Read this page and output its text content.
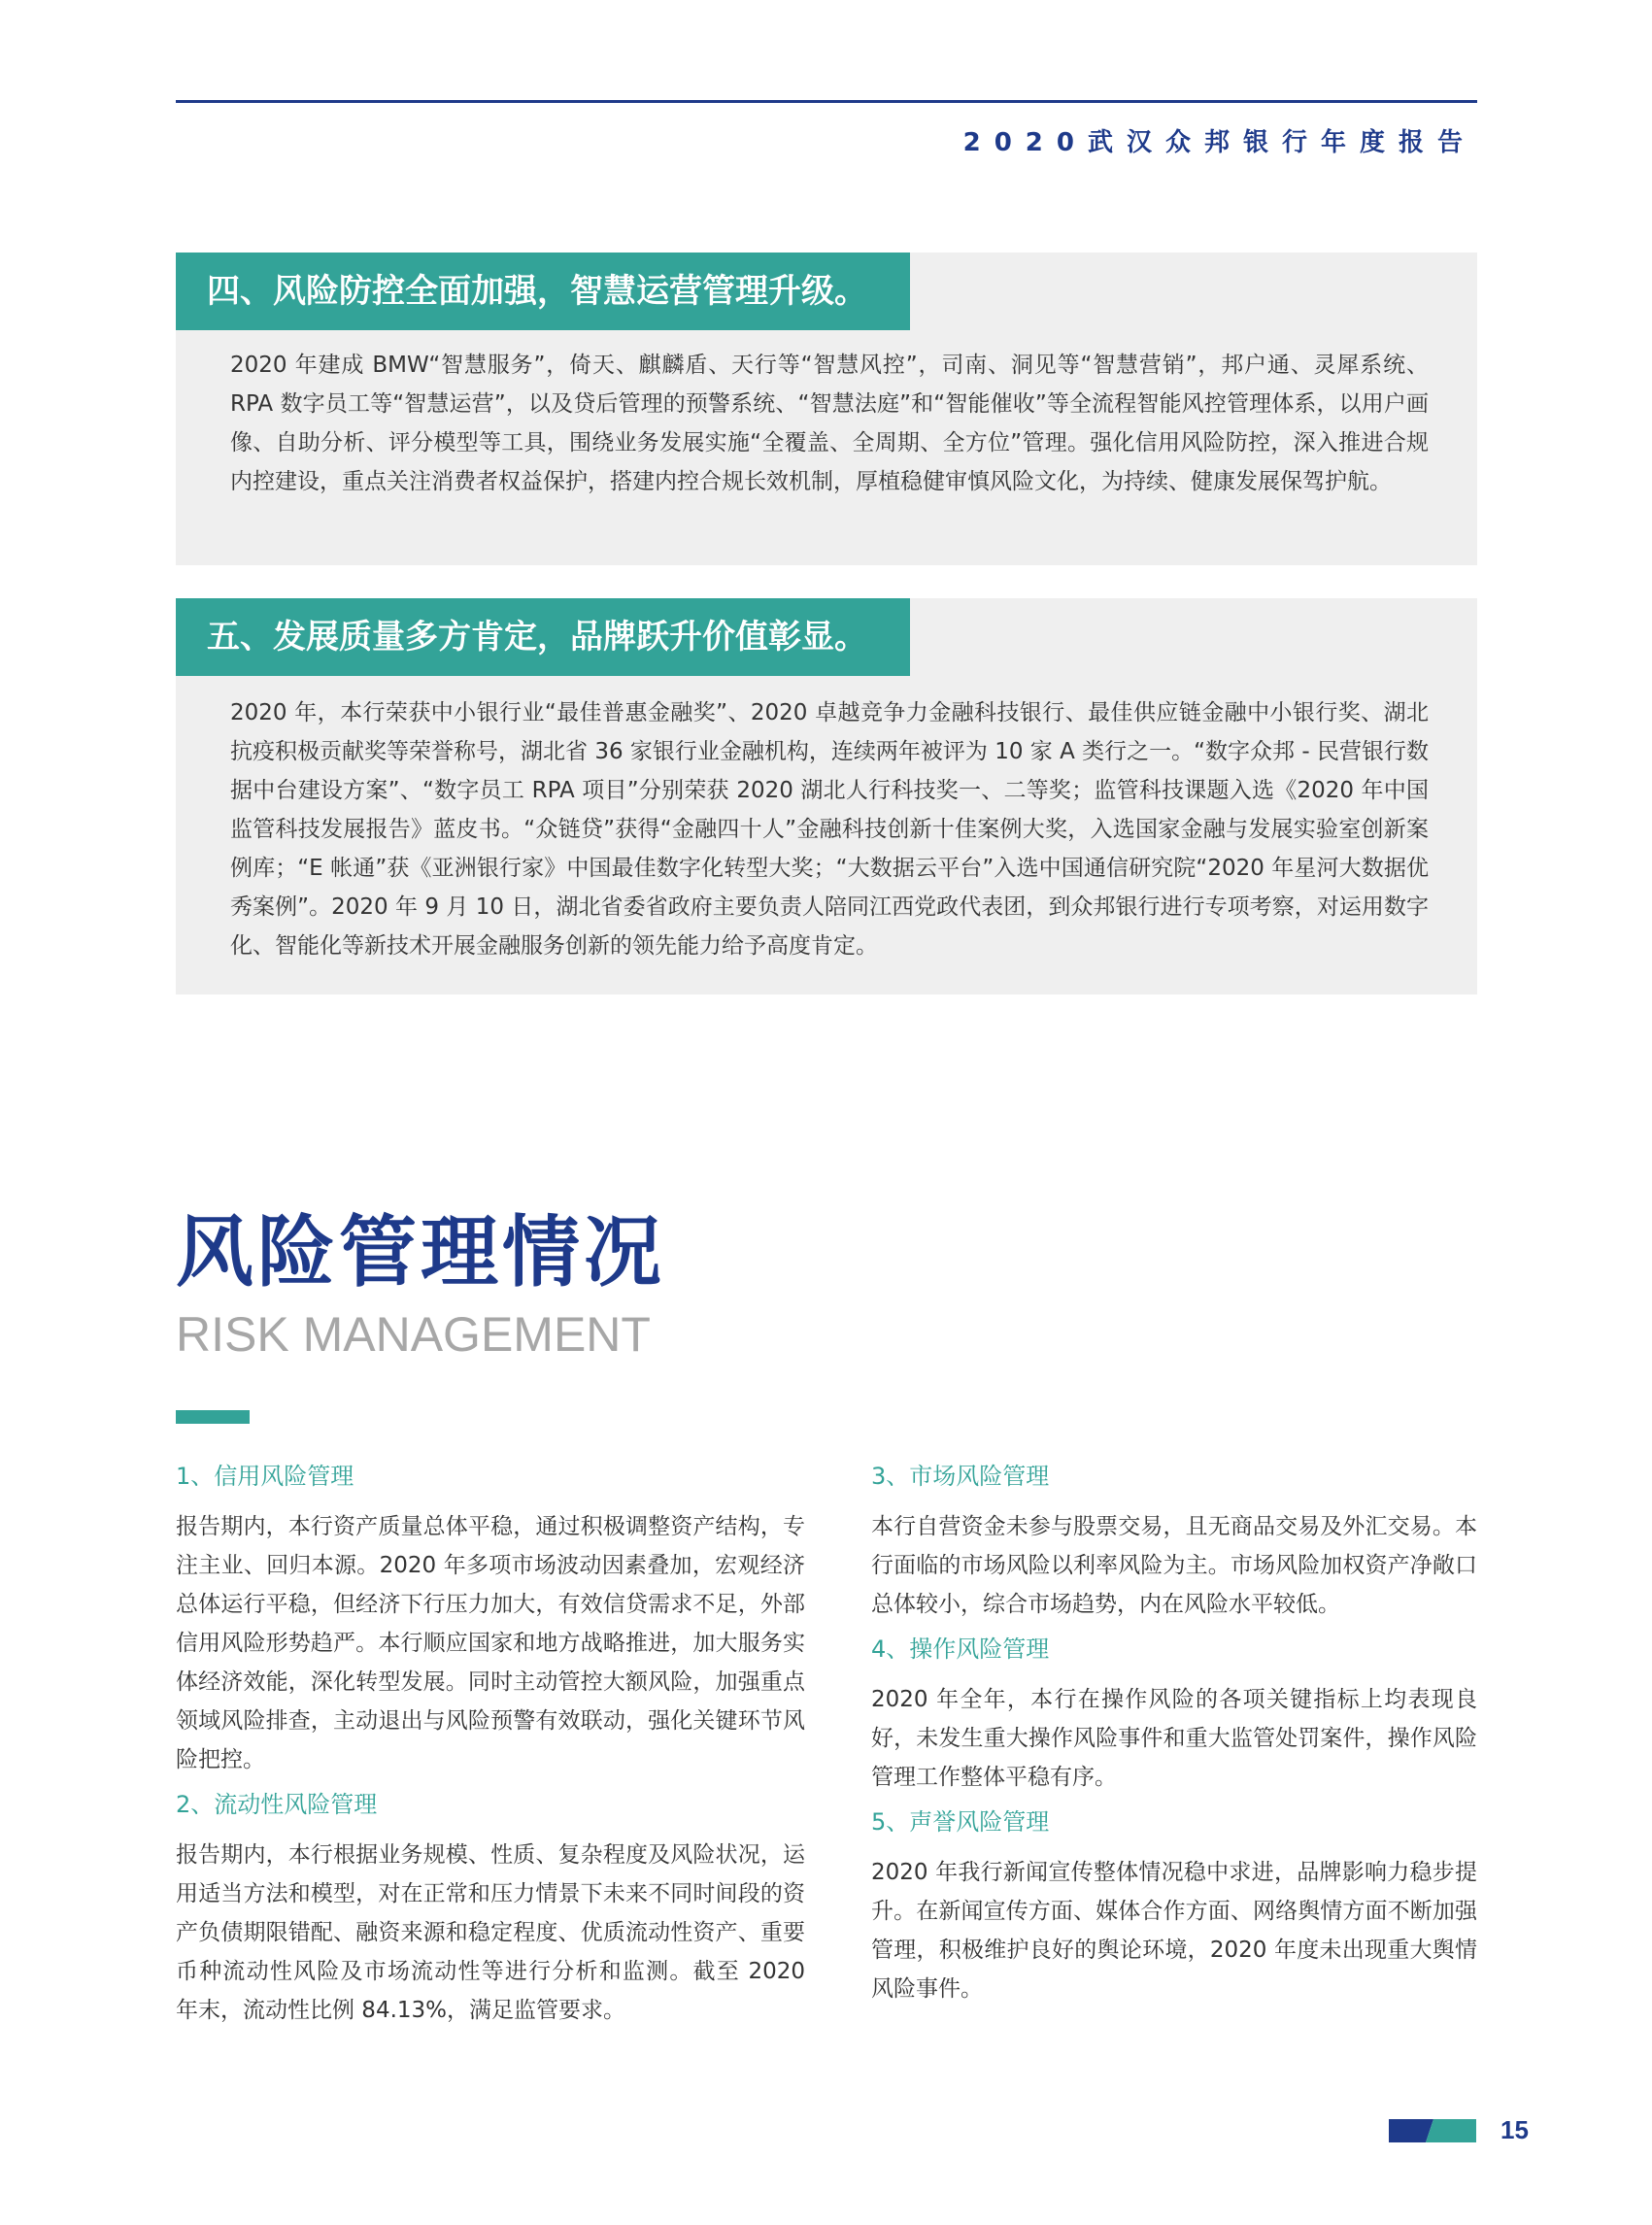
2020武汉众邦银行年度报告
四、风险防控全面加强，智慧运营管理升级。
2020 年建成 BMW“智慧服务”，倚天、麒麟盾、天行等“智慧风控”，司南、洞见等“智慧营销”，邦户通、灵犀系统、RPA 数字员工等“智慧运营”，以及贷后管理的预警系统、“智慧法庭”和“智能催收”等全流程智能风控管理体系，以用户画像、自助分析、评分模型等工具，围绕业务发展实施“全覆盖、全周期、全方位”管理。强化信用风险防控，深入推进合规内控建设，重点关注消费者权益保护，搭建内控合规长效机制，厚植稳健审慎风险文化，为持续、健康发展保驾护航。
五、发展质量多方肯定，品牌跃升价值彰显。
2020 年，本行荣获中小银行业“最佳普惠金融奖”、2020 卓越竞争力金融科技银行、最佳供应链金融中小银行奖、湖北抗疫积极贡献奖等荣誉称号，湖北省 36 家银行业金融机构，连续两年被评为 10 家 A 类行之一。“数字众邦 - 民营银行数据中台建设方案”、“数字员工 RPA 项目”分别荣获 2020 湖北人行科技奖一、二等奖；监管科技课题入选《2020 年中国监管科技发展报告》蓝皮书。“众链贷”获得“金融四十人”金融科技创新十佳案例大奖，入选国家金融与发展实验室创新案例库；“E 帐通”获《亚洲银行家》中国最佳数字化转型大奖；“大数据云平台”入选中国通信研究院“2020 年星河大数据优秀案例”。2020 年 9 月 10 日，湖北省委省政府主要负责人陪同江西党政代表团，到众邦银行进行专项考察，对运用数字化、智能化等新技术开展金融服务创新的领先能力给予高度肯定。
风险管理情况
RISK MANAGEMENT

1、信用风险管理

报告期内，本行资产质量总体平稳，通过积极调整资产结构，专注主业、回归本源。2020 年多项市场波动因素叠加，宏观经济总体运行平稳，但经济下行压力加大，有效信贷需求不足，外部信用风险形势趋严。本行顺应国家和地方战略推进，加大服务实体经济效能，深化转型发展。同时主动管控大额风险，加强重点领域风险排查，主动退出与风险预警有效联动，强化关键环节风险把控。

2、流动性风险管理

报告期内，本行根据业务规模、性质、复杂程度及风险状况，运用适当方法和模型，对在正常和压力情景下未来不同时间段的资产负债期限错配、融资来源和稳定程度、优质流动性资产、重要币种流动性风险及市场流动性等进行分析和监测。截至 2020 年末，流动性比例 84.13%，满足监管要求。

3、市场风险管理

本行自营资金未参与股票交易，且无商品交易及外汇交易。本行面临的市场风险以利率风险为主。市场风险加权资产净敞口总体较小，综合市场趋势，内在风险水平较低。

4、操作风险管理

2020 年全年，本行在操作风险的各项关键指标上均表现良好，未发生重大操作风险事件和重大监管处罚案件，操作风险管理工作整体平稳有序。

5、声誉风险管理

2020 年我行新闻宣传整体情况稳中求进，品牌影响力稳步提升。在新闻宣传方面、媒体合作方面、网络舆情方面不断加强管理，积极维护良好的舆论环境，2020 年度未出现重大舆情风险事件。

15
